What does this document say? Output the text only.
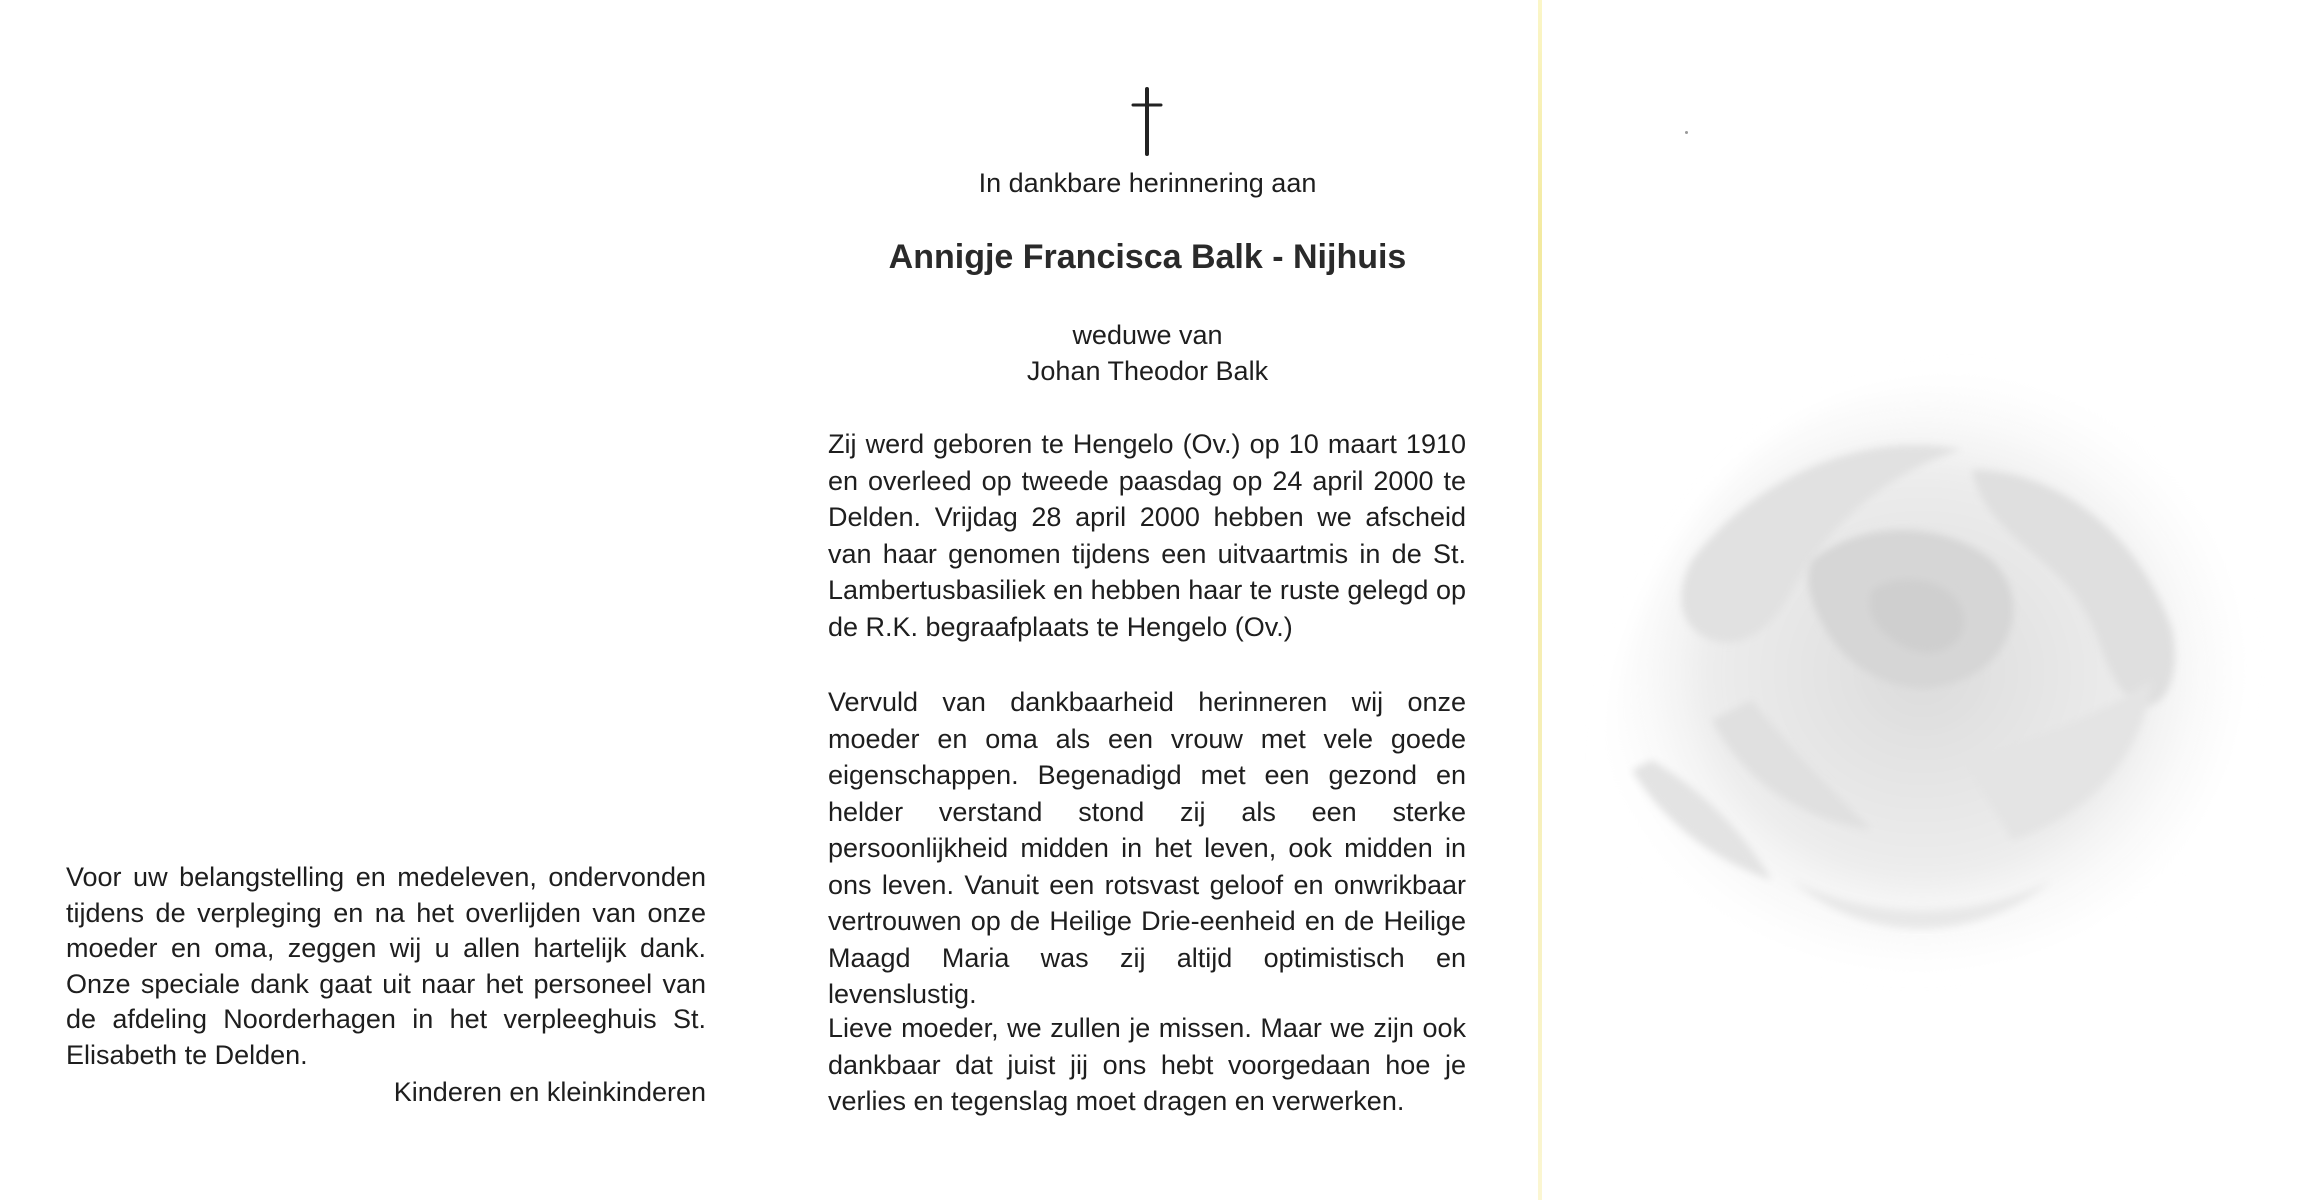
Voor uw belangstelling en medeleven, ondervonden tijdens de verpleging en na het overlijden van onze moeder en oma, zeggen wij u allen hartelijk dank. Onze speciale dank gaat uit naar het personeel van de afdeling Noorderhagen in het verpleeghuis St. Elisabeth te Delden.

Kinderen en kleinkinderen

In dankbare herinnering aan
Annigje Francisca Balk - Nijhuis
weduwe van
Johan Theodor Balk

Zij werd geboren te Hengelo (Ov.) op 10 maart 1910 en overleed op tweede paasdag op 24 april 2000 te Delden. Vrijdag 28 april 2000 hebben we afscheid van haar genomen tijdens een uitvaartmis in de St. Lambertusbasiliek en hebben haar te ruste gelegd op de R.K. begraafplaats te Hengelo (Ov.)

Vervuld van dankbaarheid herinneren wij onze moeder en oma als een vrouw met vele goede eigenschappen. Begenadigd met een gezond en helder verstand stond zij als een sterke persoonlijkheid midden in het leven, ook midden in ons leven. Vanuit een rotsvast geloof en onwrikbaar vertrouwen op de Heilige Drie-eenheid en de Heilige Maagd Maria was zij altijd optimistisch en levenslustig.

Lieve moeder, we zullen je missen. Maar we zijn ook dankbaar dat juist jij ons hebt voorgedaan hoe je verlies en tegenslag moet dragen en verwerken.
